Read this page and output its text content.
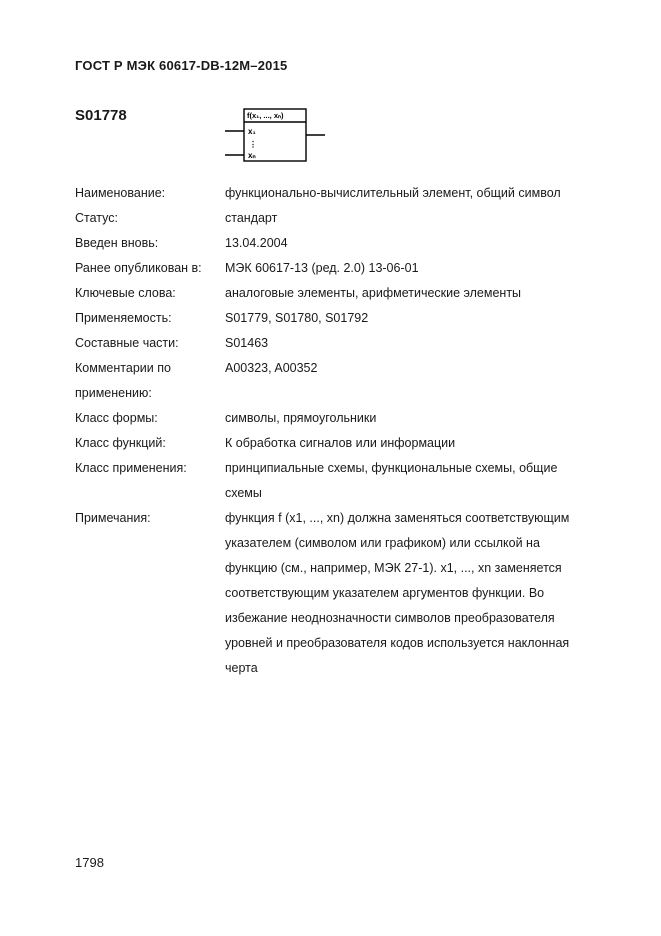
ГОСТ Р МЭК 60617-DB-12M–2015
S01778	f(x₁, ..., xₙ)
x₁
⋮
xₙ
Наименование:	функционально-вычислительный элемент, общий символ
Статус:	стандарт
Введен вновь:	13.04.2004
Ранее опубликован в:	МЭК 60617-13 (ред. 2.0) 13-06-01
Ключевые слова:	аналоговые элементы, арифметические элементы
Применяемость:	S01779, S01780, S01792
Составные части:	S01463
Комментарии по применению:
A00323, A00352
Класс формы:	символы, прямоугольники
Класс функций:	К обработка сигналов или информации
Класс применения:	принципиальные схемы, функциональные схемы, общие схемы
Примечания:	функция f (x1, ..., xn) должна заменяться соответствующим указателем (символом или графиком) или ссылкой на функцию (см., например, МЭК 27-1). x1, ..., xn заменяется соответствующим указателем аргументов функции. Во избежание неоднозначности символов преобразователя уровней и преобразователя кодов используется наклонная черта
1798
